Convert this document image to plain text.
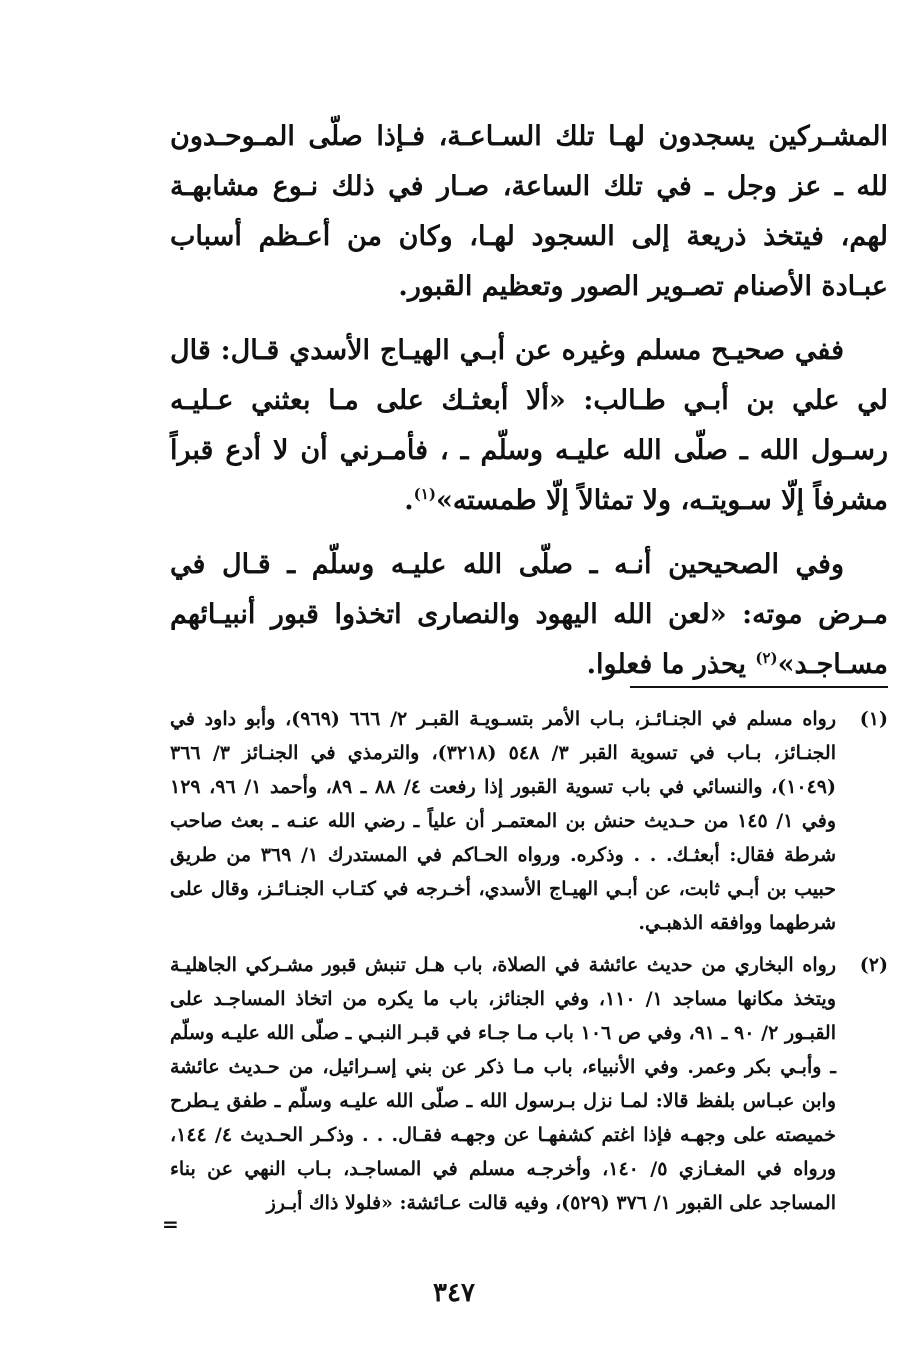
المشـركين يسجدون لهـا تلك السـاعـة، فـإذا صلّى المـوحـدون لله ـ عز وجل ـ في تلك الساعة، صـار في ذلك نـوع مشابهـة لهم، فيتخذ ذريعة إلى السجود لهـا، وكان من أعـظم أسباب عبـادة الأصنام تصـوير الصور وتعظيم القبور.

ففي صحيـح مسلم وغيره عن أبـي الهيـاج الأسدي قـال: قال لي علي بن أبـي طـالب: «ألا أبعثـك على مـا بعثني عـليـه رسـول الله ـ صلّى الله عليـه وسلّم ـ ، فأمـرني أن لا أدع قبراً مشرفاً إلّا سـويتـه، ولا تمثالاً إلّا طمسته»$^{(١)}$.

وفي الصحيحين أنـه ـ صلّى الله عليـه وسلّم ـ قـال في مـرض موته: «لعن الله اليهود والنصارى اتخذوا قبور أنبيـائهم مسـاجـد»$^{(٢)}$ يحذر ما فعلوا.

(١)
رواه مسلم في الجنـائـز، بـاب الأمر بتسـويـة القبـر ٢/ ٦٦٦ (٩٦٩)، وأبو داود في الجنـائز، بـاب في تسوية القبر ٣/ ٥٤٨ (٣٢١٨)، والترمذي في الجنـائز ٣/ ٣٦٦ (١٠٤٩)، والنسائي في باب تسوية القبور إذا رفعت ٤/ ٨٨ ـ ٨٩، وأحمد ١/ ٩٦، ١٢٩ وفي ١/ ١٤٥ من حـديث حنش بن المعتمـر أن علياً ـ رضي الله عنـه ـ بعث صاحب شرطة فقال: أبعثـك. . . وذكره. ورواه الحـاكم في المستدرك ١/ ٣٦٩ من طريق حبيب بن أبـي ثابت، عن أبـي الهيـاج الأسدي، أخـرجه في كتـاب الجنـائـز، وقال على شرطهما ووافقه الذهبـي.
(٢)
رواه البخاري من حديث عائشة في الصلاة، باب هـل تنبش قبور مشـركي الجاهليـة ويتخذ مكانها مساجد ١/ ١١٠، وفي الجنائز، باب ما يكره من اتخاذ المساجـد على القبـور ٢/ ٩٠ ـ ٩١، وفي ص ١٠٦ باب مـا جـاء في قبـر النبـي ـ صلّى الله عليـه وسلّم ـ وأبـي بكر وعمر. وفي الأنبياء، باب مـا ذكر عن بني إسـرائيل، من حـديث عائشة وابن عبـاس بلفظ قالا: لمـا نزل بـرسول الله ـ صلّى الله عليـه وسلّم ـ طفق يـطرح خميصته على وجهـه فإذا اغتم كشفهـا عن وجهـه فقـال. . . وذكـر الحـديث ٤/ ١٤٤، ورواه في المغـازي ٥/ ١٤٠، وأخرجـه مسلم في المساجـد، بـاب النهي عن بناء المساجد على القبور ١/ ٣٧٦ (٥٢٩)، وفيه قالت عـائشة: «فلولا ذاك أبـرز
=
٣٤٧
